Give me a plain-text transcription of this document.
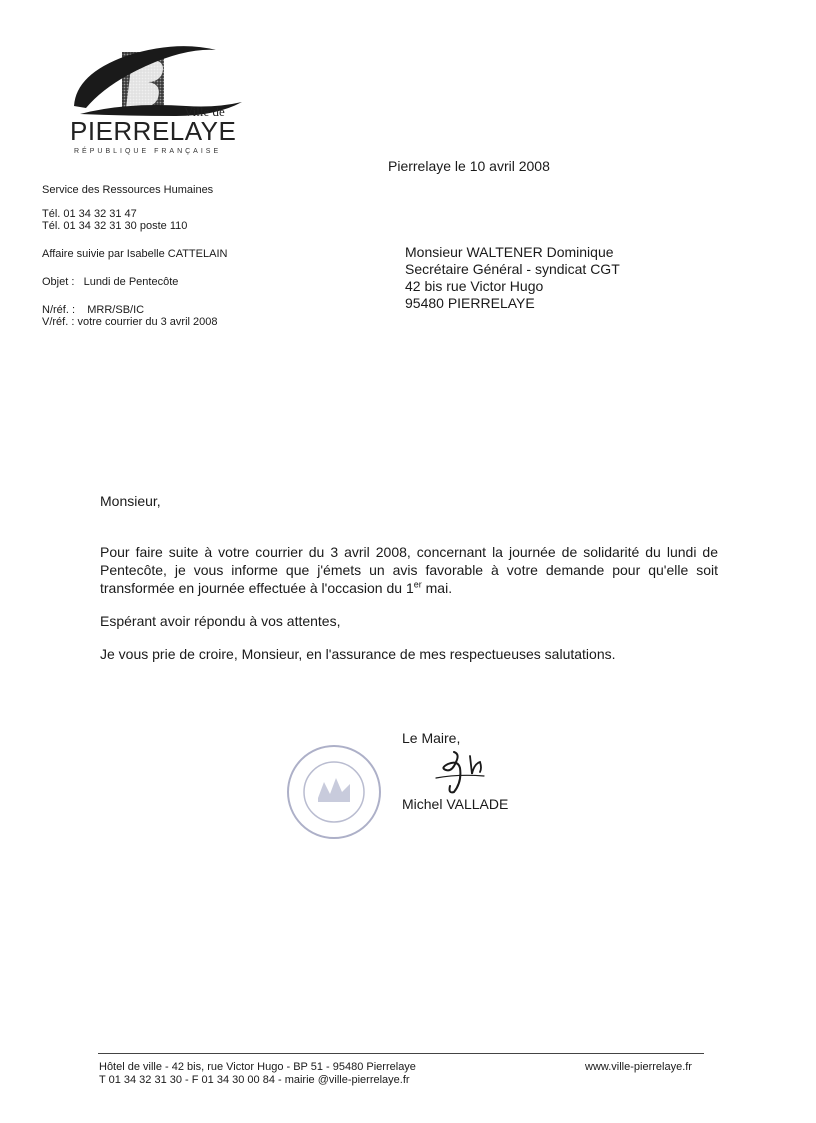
Ville de
PIERRELAYE
RÉPUBLIQUE FRANÇAISE
Pierrelaye le 10 avril 2008
Service des Ressources Humaines
Tél. 01 34 32 31 47
Tél. 01 34 32 31 30 poste 110
Affaire suivie par Isabelle CATTELAIN
Objet : Lundi de Pentecôte
N/réf. : MRR/SB/IC
V/réf. : votre courrier du 3 avril 2008
Monsieur WALTENER Dominique
Secrétaire Général - syndicat CGT
42 bis rue Victor Hugo
95480 PIERRELAYE
Monsieur,
Pour faire suite à votre courrier du 3 avril 2008, concernant la journée de solidarité du lundi de Pentecôte, je vous informe que j'émets un avis favorable à votre demande pour qu'elle soit transformée en journée effectuée à l'occasion du 1er mai.
Espérant avoir répondu à vos attentes,
Je vous prie de croire, Monsieur, en l'assurance de mes respectueuses salutations.
Le Maire,
Michel VALLADE
Hôtel de ville - 42 bis, rue Victor Hugo - BP 51 - 95480 Pierrelaye
T 01 34 32 31 30 - F 01 34 30 00 84 - mairie @ville-pierrelaye.fr
www.ville-pierrelaye.fr
